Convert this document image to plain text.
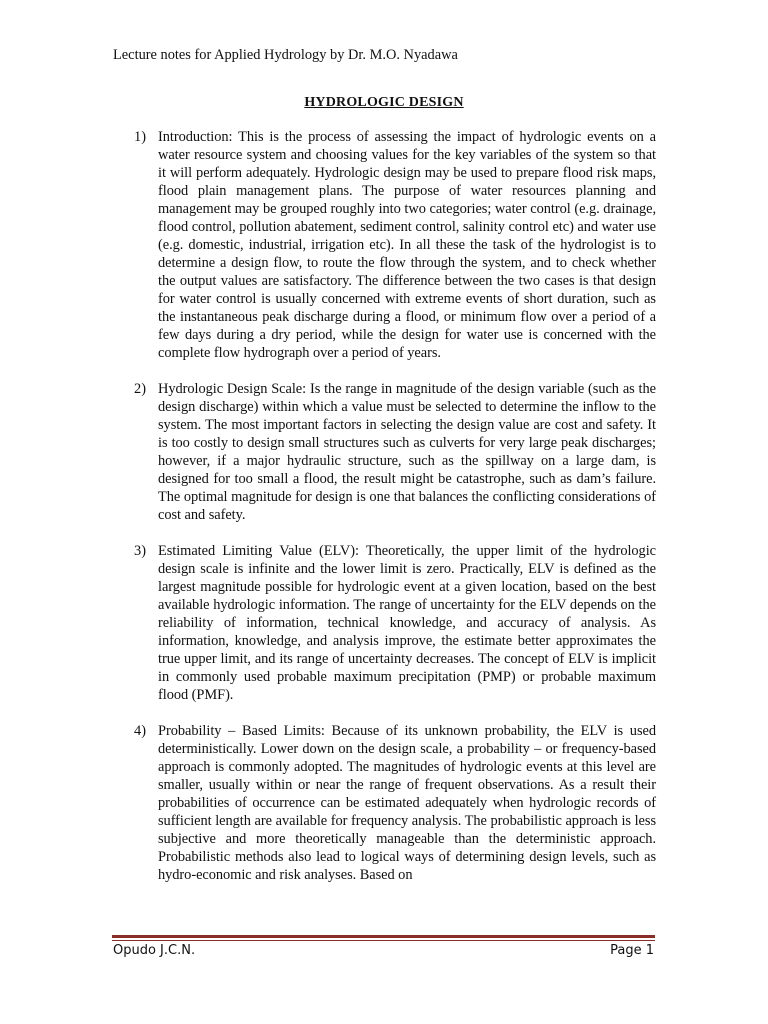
Lecture notes for Applied Hydrology by Dr. M.O. Nyadawa
HYDROLOGIC DESIGN
1) Introduction: This is the process of assessing the impact of hydrologic events on a water resource system and choosing values for the key variables of the system so that it will perform adequately. Hydrologic design may be used to prepare flood risk maps, flood plain management plans. The purpose of water resources planning and management may be grouped roughly into two categories; water control (e.g. drainage, flood control, pollution abatement, sediment control, salinity control etc) and water use (e.g. domestic, industrial, irrigation etc). In all these the task of the hydrologist is to determine a design flow, to route the flow through the system, and to check whether the output values are satisfactory. The difference between the two cases is that design for water control is usually concerned with extreme events of short duration, such as the instantaneous peak discharge during a flood, or minimum flow over a period of a few days during a dry period, while the design for water use is concerned with the complete flow hydrograph over a period of years.
2) Hydrologic Design Scale: Is the range in magnitude of the design variable (such as the design discharge) within which a value must be selected to determine the inflow to the system. The most important factors in selecting the design value are cost and safety. It is too costly to design small structures such as culverts for very large peak discharges; however, if a major hydraulic structure, such as the spillway on a large dam, is designed for too small a flood, the result might be catastrophe, such as dam’s failure. The optimal magnitude for design is one that balances the conflicting considerations of cost and safety.
3) Estimated Limiting Value (ELV): Theoretically, the upper limit of the hydrologic design scale is infinite and the lower limit is zero. Practically, ELV is defined as the largest magnitude possible for hydrologic event at a given location, based on the best available hydrologic information. The range of uncertainty for the ELV depends on the reliability of information, technical knowledge, and accuracy of analysis. As information, knowledge, and analysis improve, the estimate better approximates the true upper limit, and its range of uncertainty decreases. The concept of ELV is implicit in commonly used probable maximum precipitation (PMP) or probable maximum flood (PMF).
4) Probability – Based Limits: Because of its unknown probability, the ELV is used deterministically. Lower down on the design scale, a probability – or frequency-based approach is commonly adopted. The magnitudes of hydrologic events at this level are smaller, usually within or near the range of frequent observations. As a result their probabilities of occurrence can be estimated adequately when hydrologic records of sufficient length are available for frequency analysis. The probabilistic approach is less subjective and more theoretically manageable than the deterministic approach. Probabilistic methods also lead to logical ways of determining design levels, such as hydro-economic and risk analyses. Based on
Opudo J.C.N.	Page 1
